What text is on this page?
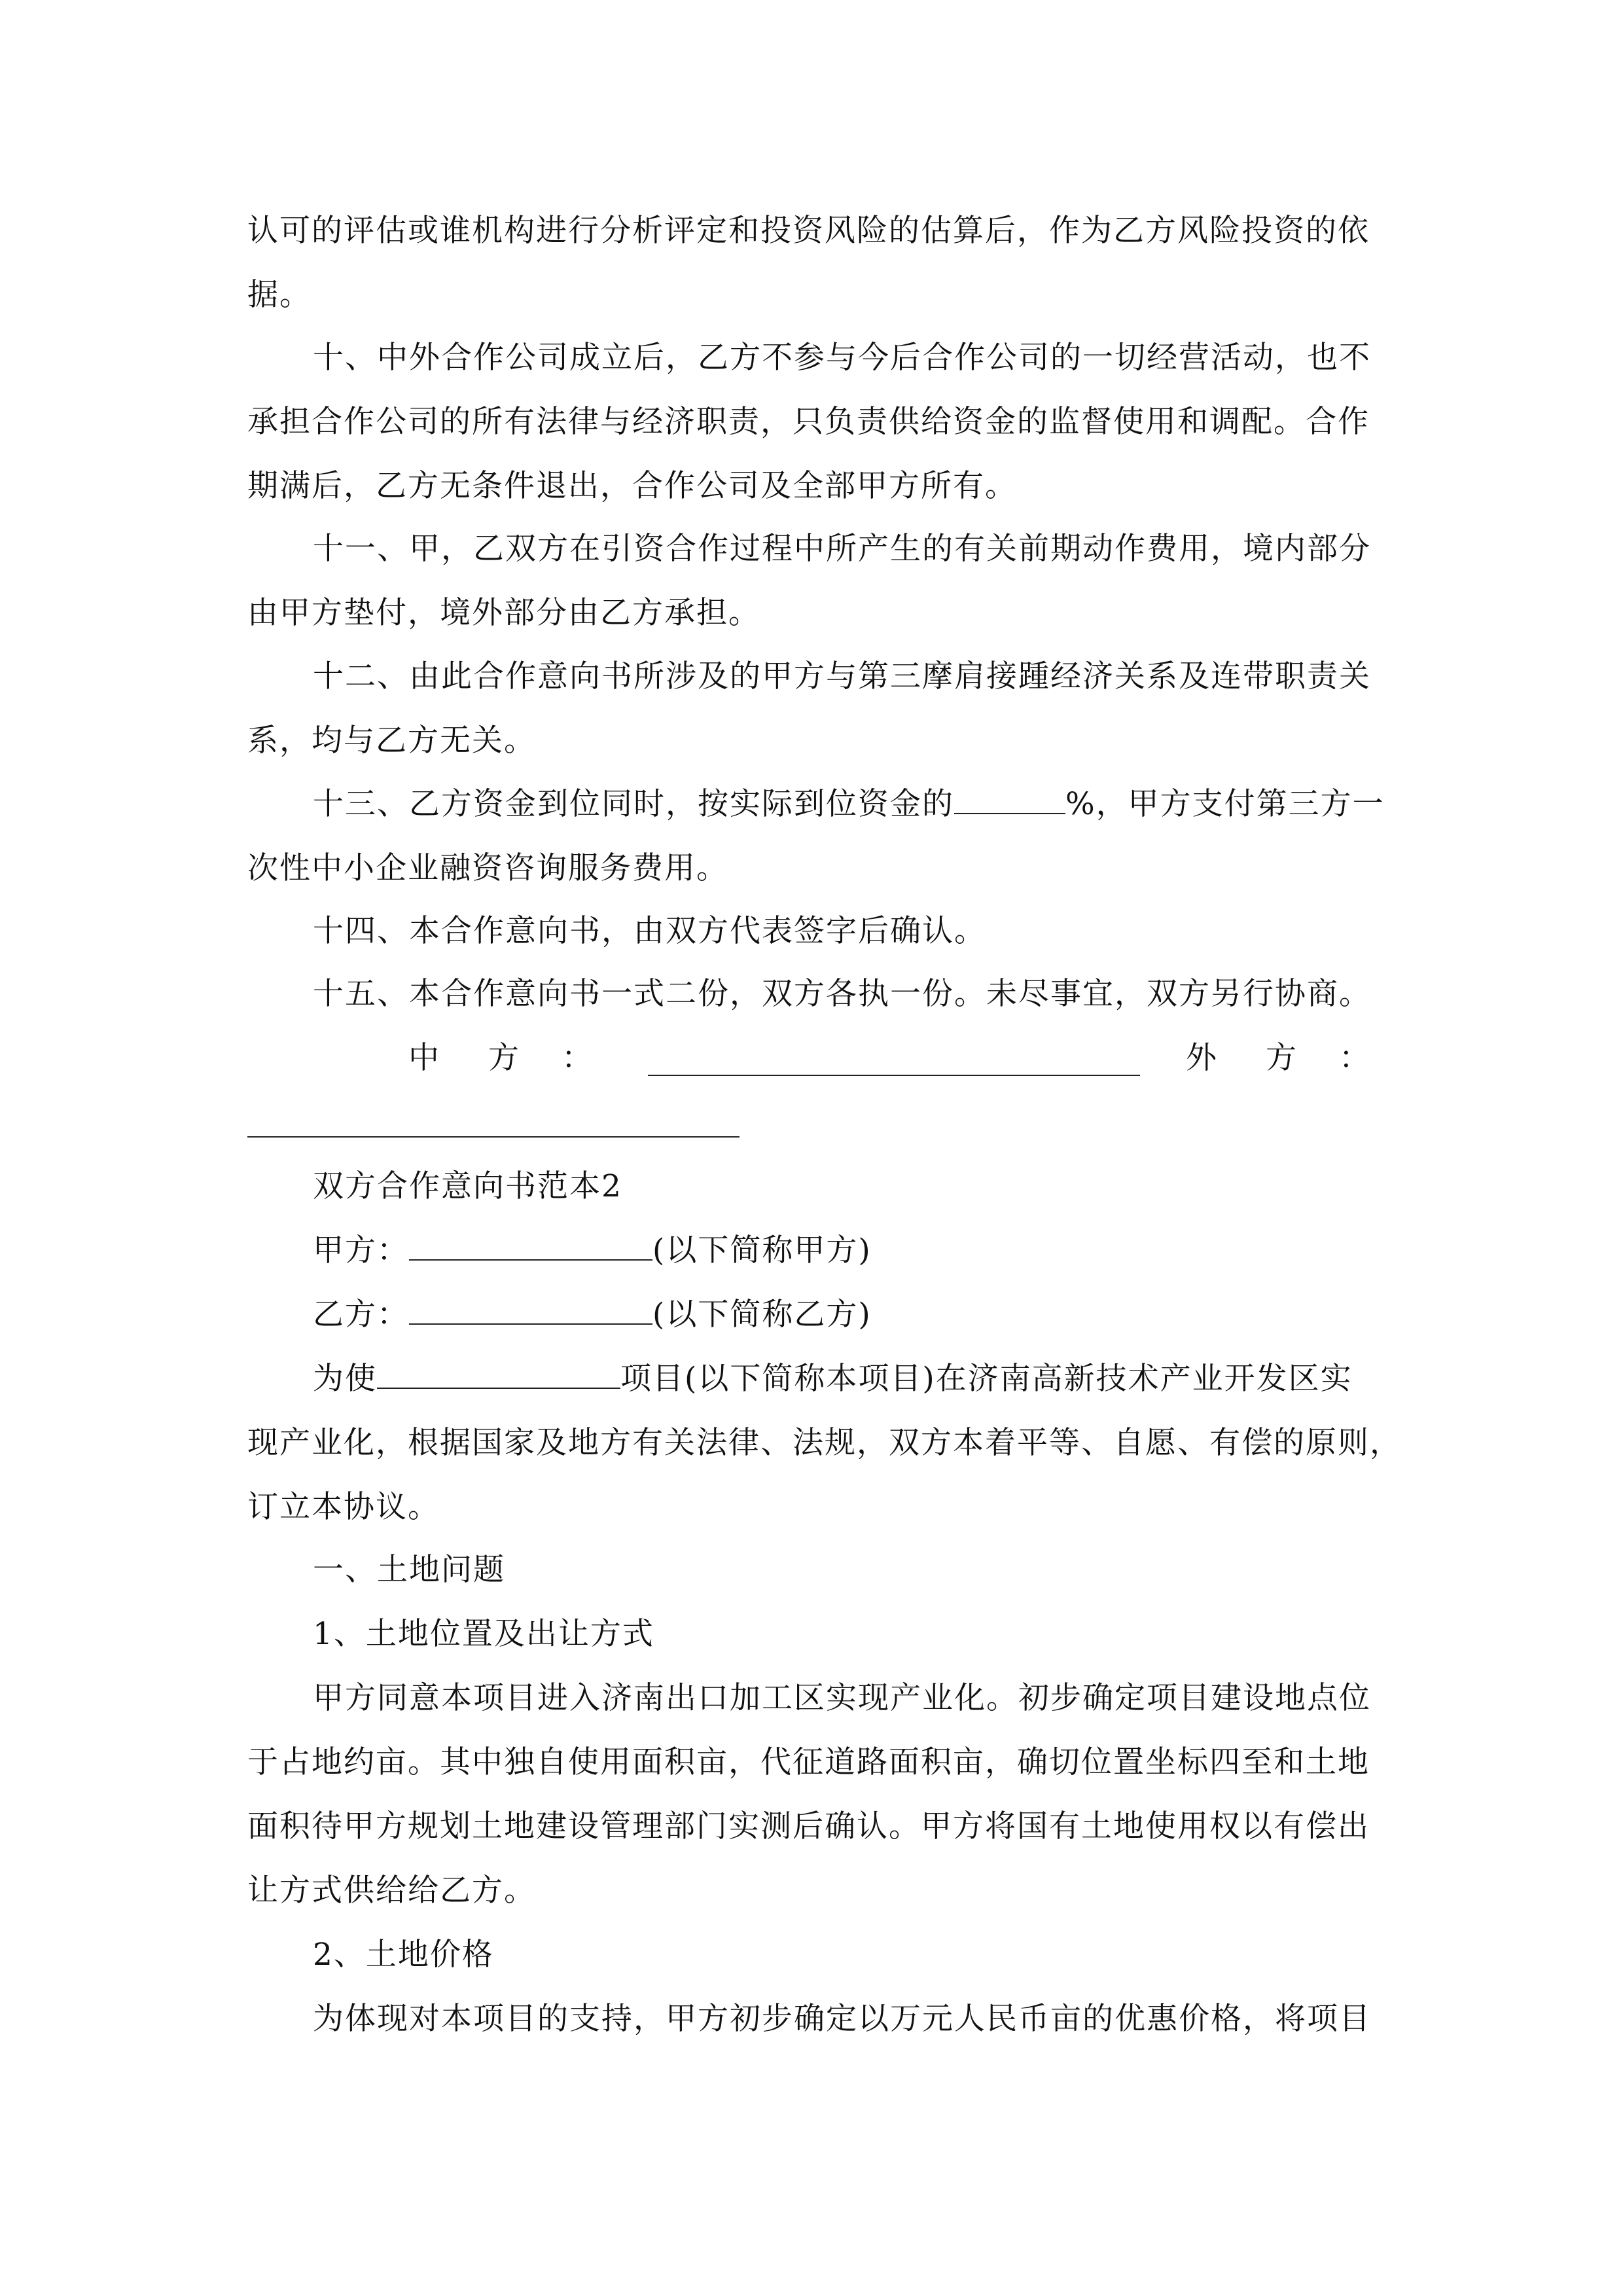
认可的评估或谁机构进行分析评定和投资风险的估算后，作为乙方风险投资的依
据。
十、中外合作公司成立后，乙方不参与今后合作公司的一切经营活动，也不
承担合作公司的所有法律与经济职责，只负责供给资金的监督使用和调配。合作
期满后，乙方无条件退出，合作公司及全部甲方所有。
十一、甲，乙双方在引资合作过程中所产生的有关前期动作费用，境内部分
由甲方垫付，境外部分由乙方承担。
十二、由此合作意向书所涉及的甲方与第三摩肩接踵经济关系及连带职责关
系，均与乙方无关。
十三、乙方资金到位同时，按实际到位资金的	%，甲方支付第三方一
次性中小企业融资咨询服务费用。
十四、本合作意向书，由双方代表签字后确认。
十五、本合作意向书一式二份，双方各执一份。未尽事宜，双方另行协商。
中 方 ：	外 方 ：
双方合作意向书范本2
甲方：	(以下简称甲方)
乙方：	(以下简称乙方)
为使	项目(以下简称本项目)在济南高新技术产业开发区实
现产业化，根据国家及地方有关法律、法规，双方本着平等、自愿、有偿的原则，
订立本协议。
一、土地问题
1、土地位置及出让方式
甲方同意本项目进入济南出口加工区实现产业化。初步确定项目建设地点位
于占地约亩。其中独自使用面积亩，代征道路面积亩，确切位置坐标四至和土地
面积待甲方规划土地建设管理部门实测后确认。甲方将国有土地使用权以有偿出
让方式供给给乙方。
2、土地价格
为体现对本项目的支持，甲方初步确定以万元人民币亩的优惠价格，将项目
